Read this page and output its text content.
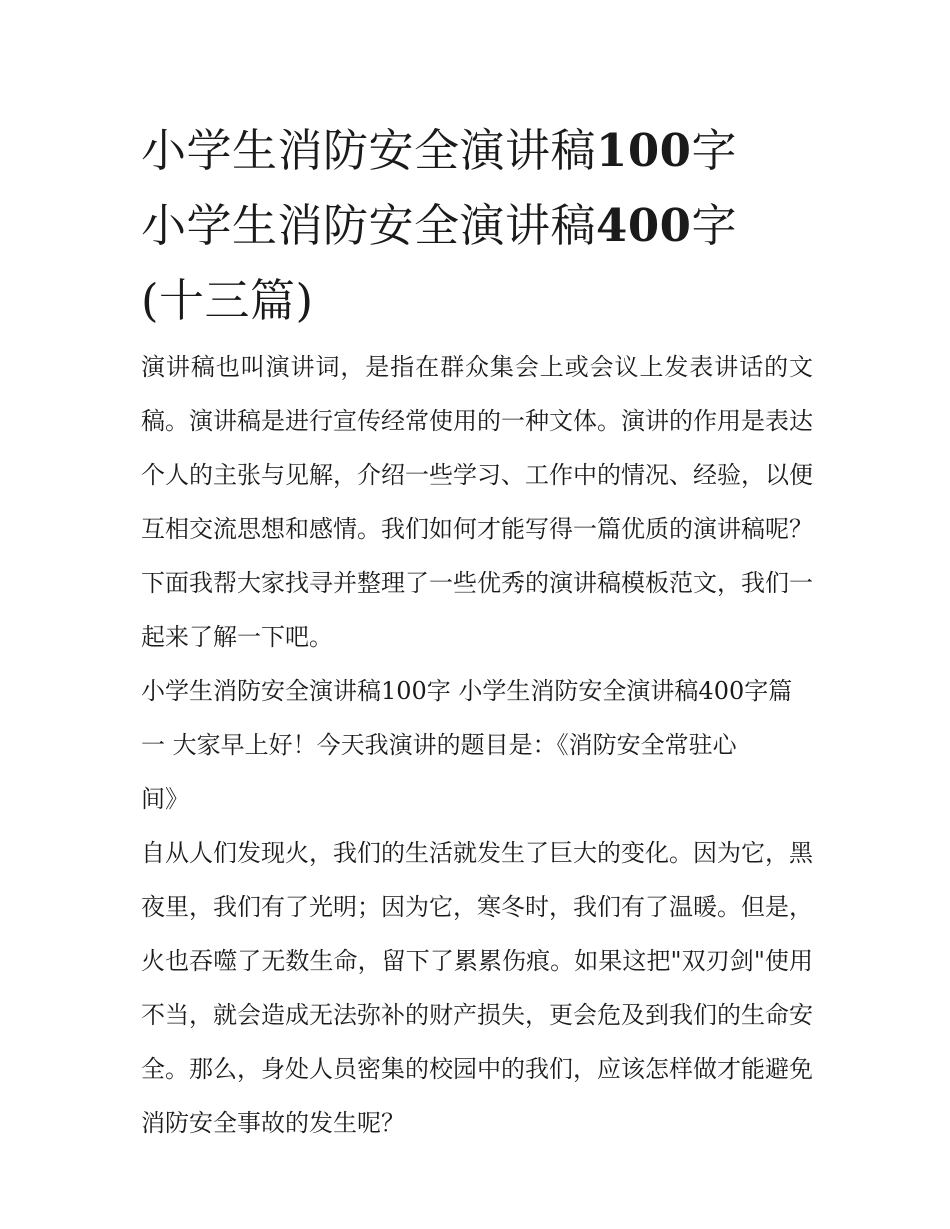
小学生消防安全演讲稿100字
小学生消防安全演讲稿400字
(十三篇)

演讲稿也叫演讲词，是指在群众集会上或会议上发表讲话的文稿。演讲稿是进行宣传经常使用的一种文体。演讲的作用是表达个人的主张与见解，介绍一些学习、工作中的情况、经验，以便互相交流思想和感情。我们如何才能写得一篇优质的演讲稿呢？下面我帮大家找寻并整理了一些优秀的演讲稿模板范文，我们一起来了解一下吧。

小学生消防安全演讲稿100字 小学生消防安全演讲稿400字篇
一 大家早上好！今天我演讲的题目是：《消防安全常驻心
间》

自从人们发现火，我们的生活就发生了巨大的变化。因为它，黑夜里，我们有了光明；因为它，寒冬时，我们有了温暖。但是，火也吞噬了无数生命，留下了累累伤痕。如果这把"双刃剑"使用不当，就会造成无法弥补的财产损失，更会危及到我们的生命安全。那么，身处人员密集的校园中的我们，应该怎样做才能避免消防安全事故的发生呢？
